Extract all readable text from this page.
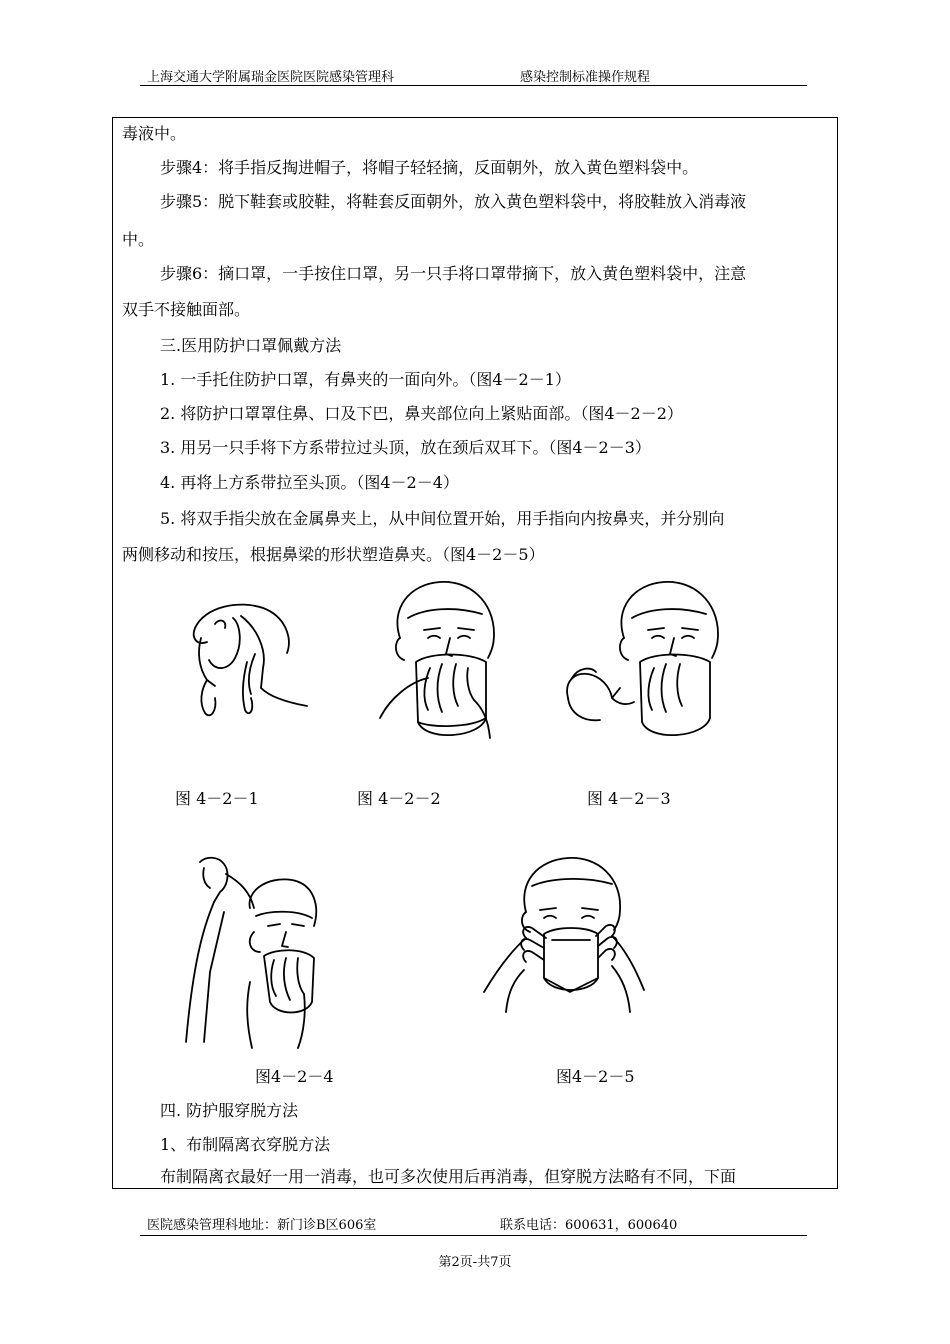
上海交通大学附属瑞金医院医院感染管理科	感染控制标准操作规程
毒液中。
步骤4：将手指反掏进帽子，将帽子轻轻摘，反面朝外，放入黄色塑料袋中。
步骤5：脱下鞋套或胶鞋，将鞋套反面朝外，放入黄色塑料袋中，将胶鞋放入消毒液
中。
步骤6：摘口罩，一手按住口罩，另一只手将口罩带摘下，放入黄色塑料袋中，注意
双手不接触面部。
三.医用防护口罩佩戴方法
1. 一手托住防护口罩，有鼻夹的一面向外。（图4－2－1）
2. 将防护口罩罩住鼻、口及下巴，鼻夹部位向上紧贴面部。（图4－2－2）
3. 用另一只手将下方系带拉过头顶，放在颈后双耳下。（图4－2－3）
4. 再将上方系带拉至头顶。（图4－2－4）
5. 将双手指尖放在金属鼻夹上，从中间位置开始，用手指向内按鼻夹，并分别向
两侧移动和按压，根据鼻梁的形状塑造鼻夹。（图4－2－5）
图 4－2－1	图 4－2－2	图 4－2－3
图4－2－4	图4－2－5
四. 防护服穿脱方法
1、布制隔离衣穿脱方法
布制隔离衣最好一用一消毒，也可多次使用后再消毒，但穿脱方法略有不同，下面
医院感染管理科地址：新门诊B区606室	联系电话：600631，600640
第2页-共7页
